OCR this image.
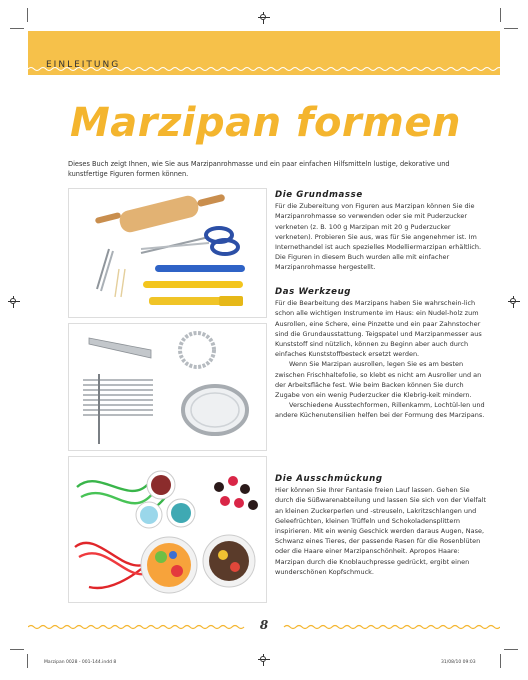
EINLEITUNG
Marzipan formen
Dieses Buch zeigt Ihnen, wie Sie aus Marzipanrohmasse und ein paar einfachen Hilfsmitteln lustige, dekorative und kunstfertige Figuren formen können.
Die Grundmasse

Für die Zubereitung von Figuren aus Marzipan können Sie die Marzipanrohmasse so verwenden oder sie mit Puderzucker verkneten (z. B. 100 g Marzipan mit 20 g Puderzucker verkneten). Probieren Sie aus, was für Sie angenehmer ist. Im Internethandel ist auch spezielles Modelliermarzipan erhältlich. Die Figuren in diesem Buch wurden alle mit einfacher Marzipanrohmasse hergestellt.

Das Werkzeug

Für die Bearbeitung des Marzipans haben Sie wahrschein-lich schon alle wichtigen Instrumente im Haus: ein Nudel-holz zum Ausrollen, eine Schere, eine Pinzette und ein paar Zahnstocher sind die Grundausstattung. Teigspatel und Marzipanmesser aus Kunststoff sind nützlich, können zu Beginn aber auch durch einfaches Kunststoffbesteck ersetzt werden.

Wenn Sie Marzipan ausrollen, legen Sie es am besten zwischen Frischhaltefolie, so klebt es nicht am Ausroller und an der Arbeitsfläche fest. Wie beim Backen können Sie durch Zugabe von ein wenig Puderzucker die Klebrig-keit mindern.

Verschiedene Ausstechformen, Rillenkamm, Lochtül-len und andere Küchenutensilien helfen bei der Formung des Marzipans.

Die Ausschmückung

Hier können Sie Ihrer Fantasie freien Lauf lassen. Gehen Sie durch die Süßwarenabteilung und lassen Sie sich von der Vielfalt an kleinen Zuckerperlen und -streuseln, Lakritzschlangen und Geleefrüchten, kleinen Trüffeln und Schokoladensplittern inspirieren. Mit ein wenig Geschick werden daraus Augen, Nase, Schwanz eines Tieres, der passende Rasen für die Rosenblüten oder die Haare einer Marzipanschönheit. Apropos Haare: Marzipan durch die Knoblauchpresse gedrückt, ergibt einen wunderschönen Kopfschmuck.

8
Marzipan 0028 - 001-144.indd 8	31/08/10 09:03
